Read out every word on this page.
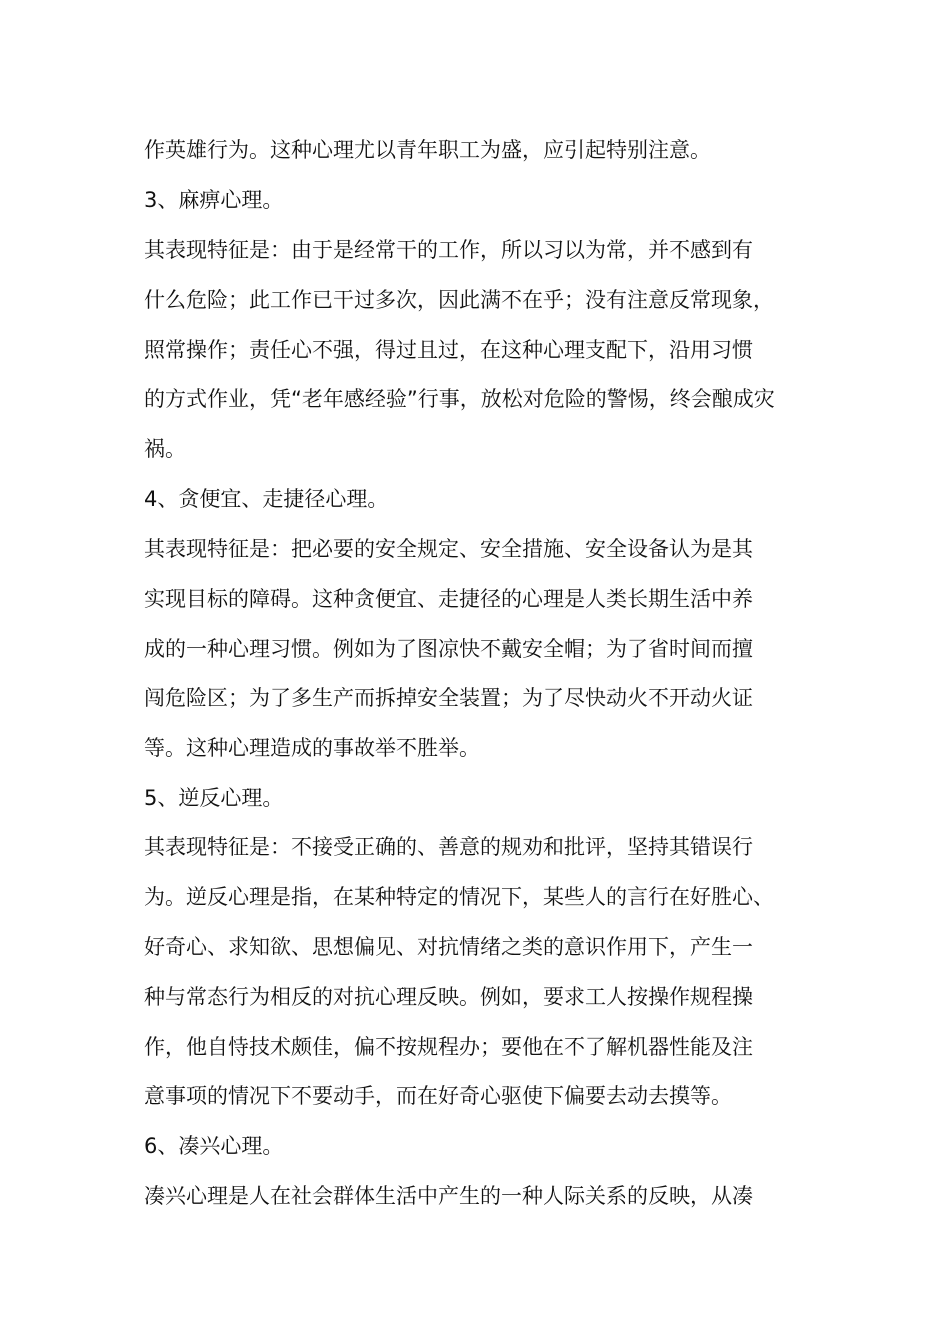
作英雄行为。这种心理尤以青年职工为盛，应引起特别注意。
3、麻痹心理。
其表现特征是：由于是经常干的工作，所以习以为常，并不感到有
什么危险；此工作已干过多次，因此满不在乎；没有注意反常现象，
照常操作；责任心不强，得过且过，在这种心理支配下，沿用习惯
的方式作业，凭“老年感经验”行事，放松对危险的警惕，终会酿成灾
祸。
4、贪便宜、走捷径心理。
其表现特征是：把必要的安全规定、安全措施、安全设备认为是其
实现目标的障碍。这种贪便宜、走捷径的心理是人类长期生活中养
成的一种心理习惯。例如为了图凉快不戴安全帽；为了省时间而擅
闯危险区；为了多生产而拆掉安全装置；为了尽快动火不开动火证
等。这种心理造成的事故举不胜举。
5、逆反心理。
其表现特征是：不接受正确的、善意的规劝和批评，坚持其错误行
为。逆反心理是指，在某种特定的情况下，某些人的言行在好胜心、
好奇心、求知欲、思想偏见、对抗情绪之类的意识作用下，产生一
种与常态行为相反的对抗心理反映。例如，要求工人按操作规程操
作，他自恃技术颇佳，偏不按规程办；要他在不了解机器性能及注
意事项的情况下不要动手，而在好奇心驱使下偏要去动去摸等。
6、凑兴心理。
凑兴心理是人在社会群体生活中产生的一种人际关系的反映，从凑
